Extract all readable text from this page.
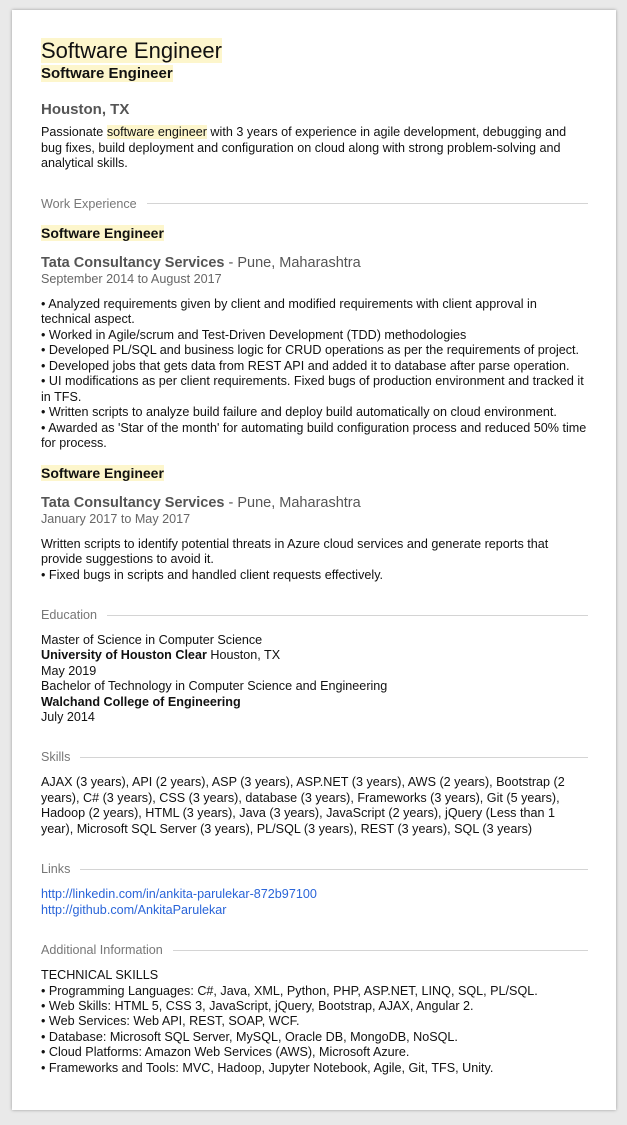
Software Engineer
Software Engineer
Houston, TX

Passionate software engineer with 3 years of experience in agile development, debugging and bug fixes, build deployment and configuration on cloud along with strong problem-solving and analytical skills.

Work Experience
Software Engineer
Tata Consultancy Services - Pune, Maharashtra
September 2014 to August 2017
• Analyzed requirements given by client and modified requirements with client approval in technical aspect.
• Worked in Agile/scrum and Test-Driven Development (TDD) methodologies
• Developed PL/SQL and business logic for CRUD operations as per the requirements of project.
• Developed jobs that gets data from REST API and added it to database after parse operation.
• UI modifications as per client requirements. Fixed bugs of production environment and tracked it in TFS.
• Written scripts to analyze build failure and deploy build automatically on cloud environment.
• Awarded as 'Star of the month' for automating build configuration process and reduced 50% time for process.
Software Engineer
Tata Consultancy Services - Pune, Maharashtra
January 2017 to May 2017
Written scripts to identify potential threats in Azure cloud services and generate reports that provide suggestions to avoid it.
• Fixed bugs in scripts and handled client requests effectively.
Education
Master of Science in Computer Science
University of Houston Clear Houston, TX
May 2019
Bachelor of Technology in Computer Science and Engineering
Walchand College of Engineering
July 2014
Skills
AJAX (3 years), API (2 years), ASP (3 years), ASP.NET (3 years), AWS (2 years), Bootstrap (2 years), C# (3 years), CSS (3 years), database (3 years), Frameworks (3 years), Git (5 years), Hadoop (2 years), HTML (3 years), Java (3 years), JavaScript (2 years), jQuery (Less than 1 year), Microsoft SQL Server (3 years), PL/SQL (3 years), REST (3 years), SQL (3 years)
Links
http://linkedin.com/in/ankita-parulekar-872b97100
http://github.com/AnkitaParulekar
Additional Information
TECHNICAL SKILLS
• Programming Languages: C#, Java, XML, Python, PHP, ASP.NET, LINQ, SQL, PL/SQL.
• Web Skills: HTML 5, CSS 3, JavaScript, jQuery, Bootstrap, AJAX, Angular 2.
• Web Services: Web API, REST, SOAP, WCF.
• Database: Microsoft SQL Server, MySQL, Oracle DB, MongoDB, NoSQL.
• Cloud Platforms: Amazon Web Services (AWS), Microsoft Azure.
• Frameworks and Tools: MVC, Hadoop, Jupyter Notebook, Agile, Git, TFS, Unity.
